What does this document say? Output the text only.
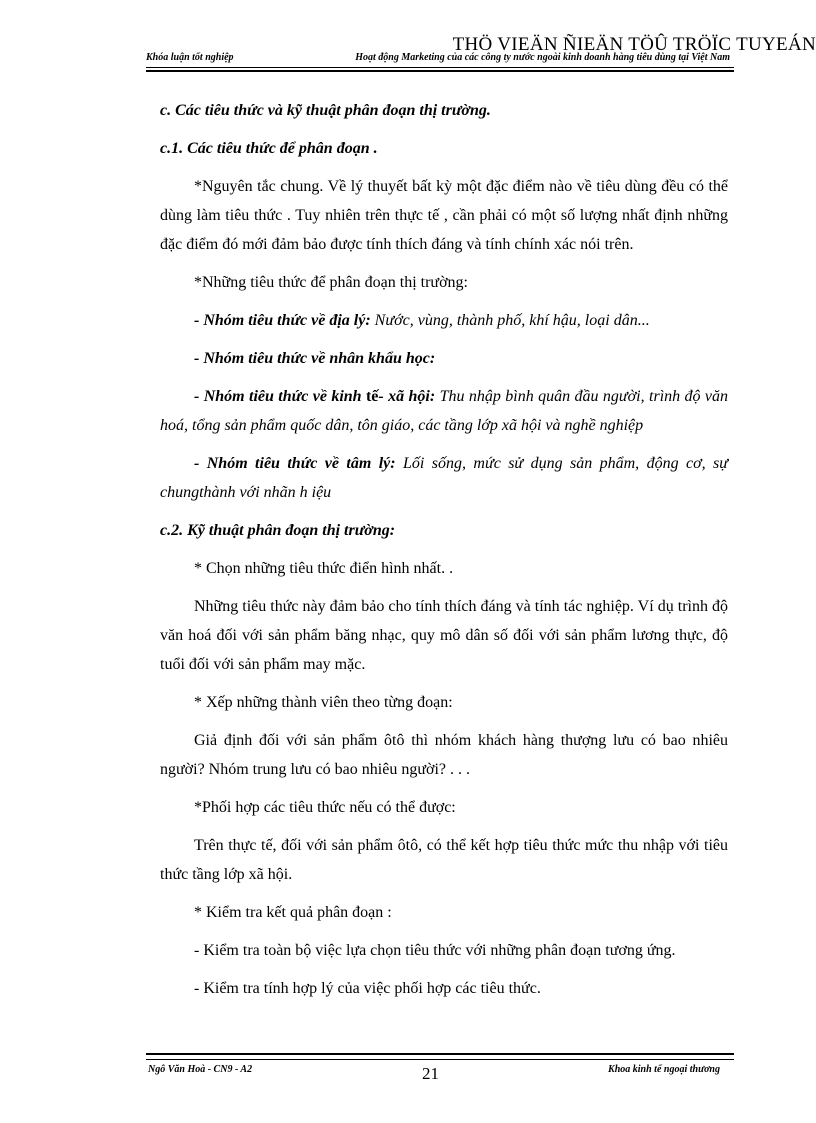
THÖ VIEÄN ÑIEÄN TÖÛ TRÖÏC TUYEÁN
Khóa luận tốt nghiệp	Hoạt động Marketing của các công ty nước ngoài kinh doanh hàng tiêu dùng tại Việt Nam

c. Các tiêu thức và kỹ thuật phân đoạn thị trường.

c.1. Các tiêu thức để phân đoạn .

*Nguyên tắc chung. Về lý thuyết bất kỳ một đặc điểm nào về tiêu dùng đều có thể dùng làm tiêu thức . Tuy nhiên trên thực tế , cần phải có một số lượng nhất định những đặc điểm đó mới đảm bảo được tính thích đáng và tính chính xác nói trên.

*Những tiêu thức để phân đoạn thị trường:

- Nhóm tiêu thức về địa lý: Nước, vùng, thành phố, khí hậu, loại dân...

- Nhóm tiêu thức về nhân khẩu học:

- Nhóm tiêu thức về kinh tế- xã hội: Thu nhập bình quân đầu người, trình độ văn hoá, tổng sản phẩm quốc dân, tôn giáo, các tầng lớp xã hội và nghề nghiệp

- Nhóm tiêu thức về tâm lý: Lối sống, mức sử dụng sản phẩm, động cơ, sự chungthành với nhãn h iệu

c.2. Kỹ thuật phân đoạn thị trường:

* Chọn những tiêu thức điển hình nhất. .

Những tiêu thức này đảm bảo cho tính thích đáng và tính tác nghiệp. Ví dụ trình độ văn hoá đối với sản phẩm băng nhạc, quy mô dân số đối với sản phẩm lương thực, độ tuổi đối với sản phẩm may mặc.

* Xếp những thành viên theo từng đoạn:

Giả định đối với sản phẩm ôtô thì nhóm khách hàng thượng lưu có bao nhiêu người? Nhóm trung lưu có bao nhiêu người? . . .

*Phối hợp các tiêu thức nếu có thể được:

Trên thực tế, đối với sản phẩm ôtô, có thể kết hợp tiêu thức mức thu nhập với tiêu thức tầng lớp xã hội.

* Kiểm tra kết quả phân đoạn :

- Kiểm tra toàn bộ việc lựa chọn tiêu thức với những phân đoạn tương ứng.

- Kiểm tra tính hợp lý của việc phối hợp các tiêu thức.

Ngô Văn Hoà - CN9 - A2	21	Khoa kinh tế ngoại thương
